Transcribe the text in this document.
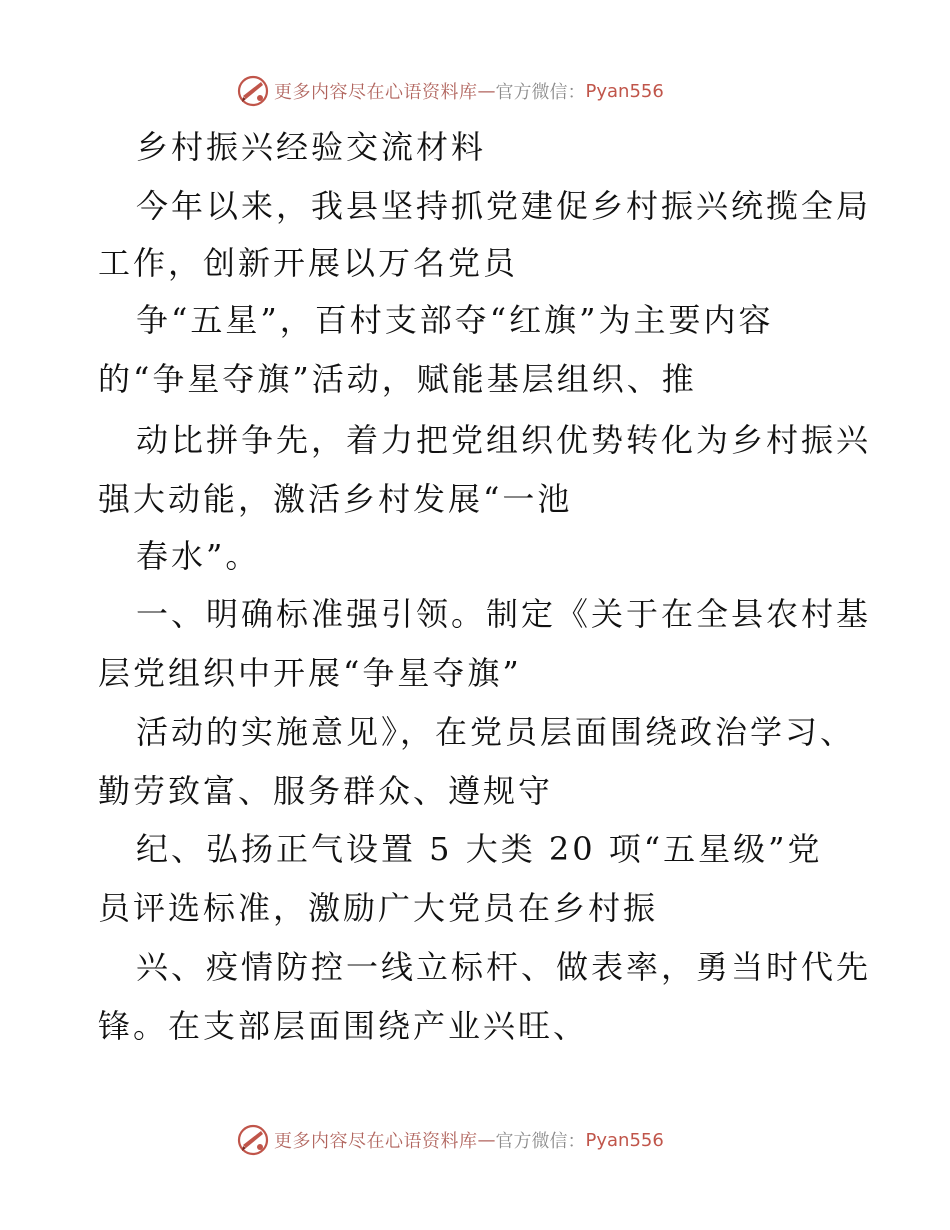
更多内容尽在心语资料库 — 官方微信： Pyan556
乡村振兴经验交流材料
今年以来，我县坚持抓党建促乡村振兴统揽全局
工作，创新开展以万名党员
争“五星”，百村支部夺“红旗”为主要内容
的“争星夺旗”活动，赋能基层组织、推
动比拼争先，着力把党组织优势转化为乡村振兴
强大动能，激活乡村发展“一池
春水”。
一、明确标准强引领。制定《关于在全县农村基
层党组织中开展“争星夺旗”
活动的实施意见》，在党员层面围绕政治学习、
勤劳致富、服务群众、遵规守
纪、弘扬正气设置 5 大类 20 项“五星级”党
员评选标准，激励广大党员在乡村振
兴、疫情防控一线立标杆、做表率，勇当时代先
锋。在支部层面围绕产业兴旺、
更多内容尽在心语资料库 — 官方微信： Pyan556
